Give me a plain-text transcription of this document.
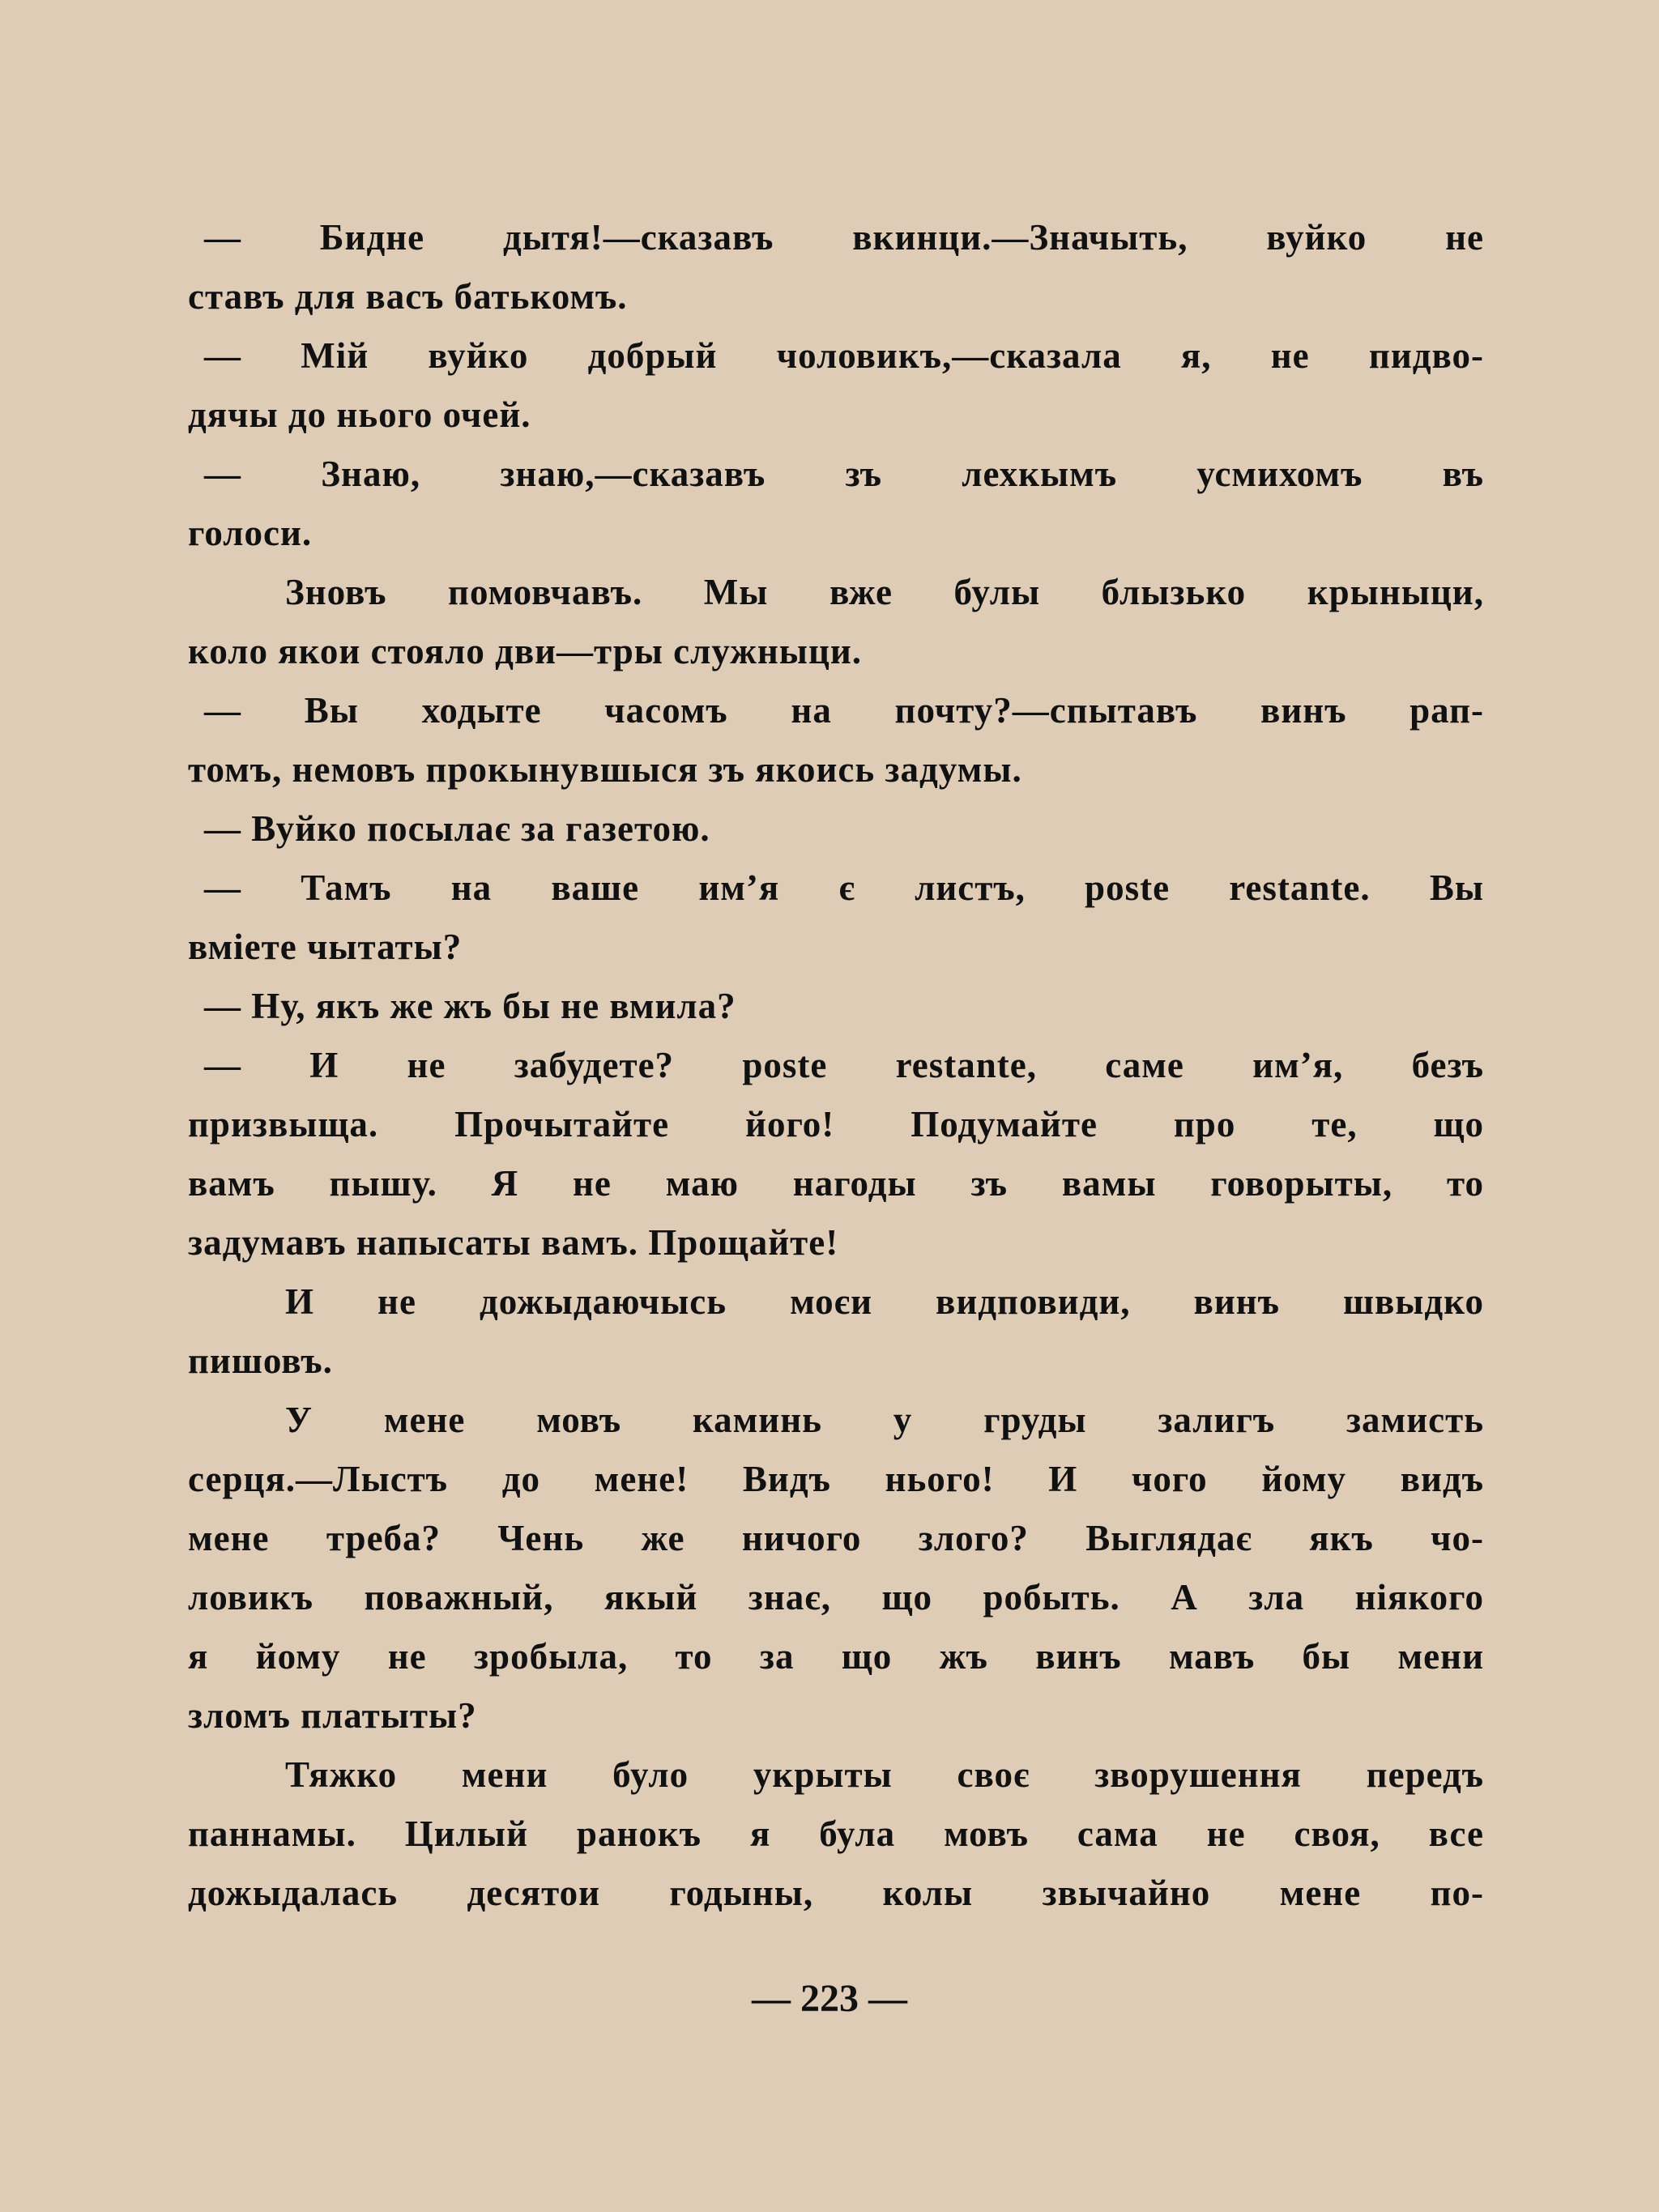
— Бидне дытя!—сказавъ вкинци.—Значыть, вуйко не
ставъ для васъ батькомъ.
— Мій вуйко добрый чоловикъ,—сказала я, не пидво-
дячы до нього очей.
— Знаю, знаю,—сказавъ зъ лехкымъ усмихомъ въ
голоси.
Зновъ помовчавъ. Мы вже булы блызько крыныци,
коло якои стояло дви—тры служныци.
— Вы ходыте часомъ на почту?—спытавъ винъ рап-
томъ, немовъ прокынувшыся зъ якоись задумы.
— Вуйко посылає за газетою.
— Тамъ на ваше имʼя є листъ, poste restante. Вы
вміете чытаты?
— Ну, якъ же жъ бы не вмила?
— И не забудете? poste restante, саме имʼя, безъ
призвыща. Прочытайте його! Подумайте про те, що
вамъ пышу. Я не маю нагоды зъ вамы говорыты, то
задумавъ напысаты вамъ. Прощайте!
И не дожыдаючысь моєи видповиди, винъ швыдко
пишовъ.
У мене мовъ каминь у груды залигъ замисть
серця.—Лыстъ до мене! Видъ нього! И чого йому видъ
мене треба? Чень же ничого злого? Выглядає якъ чо-
ловикъ поважный, якый знає, що робыть. А зла ніякого
я йому не зробыла, то за що жъ винъ мавъ бы мени
зломъ платыты?
Тяжко мени було укрыты своє зворушення передъ
паннамы. Цилый ранокъ я була мовъ сама не своя, все
дожыдалась десятои годыны, колы звычайно мене по-
— 223 —
